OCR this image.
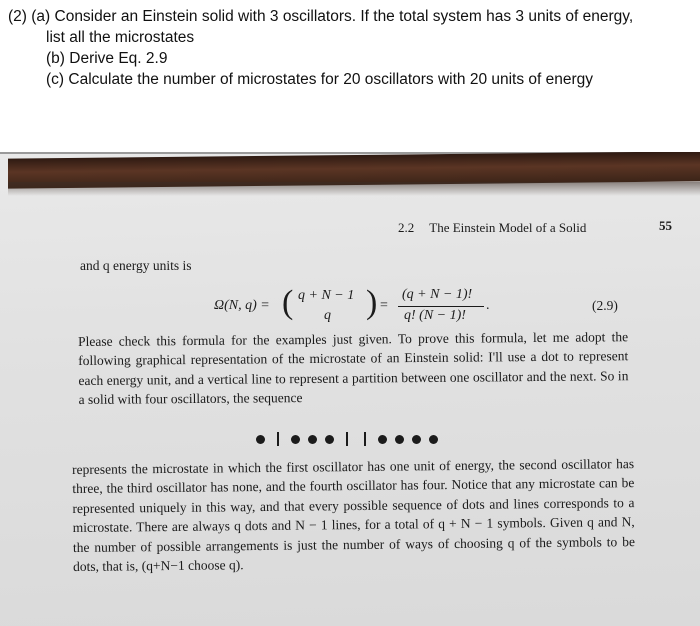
(2) (a) Consider an Einstein solid with 3 oscillators. If the total system has 3 units of energy,
list all the microstates
(b) Derive Eq. 2.9
(c) Calculate the number of microstates for 20 oscillators with 20 units of energy
2.2 The Einstein Model of a Solid	55
and q energy units is
Ω(N, q) = ( q + N − 1
q ) =
(q + N − 1)!
q! (N − 1)!
.	(2.9)
Please check this formula for the examples just given. To prove this formula, let me adopt the following graphical representation of the microstate of an Einstein solid: I'll use a dot to represent each energy unit, and a vertical line to represent a partition between one oscillator and the next. So in a solid with four oscillators, the sequence
represents the microstate in which the first oscillator has one unit of energy, the second oscillator has three, the third oscillator has none, and the fourth oscillator has four. Notice that any microstate can be represented uniquely in this way, and that every possible sequence of dots and lines corresponds to a microstate. There are always q dots and N − 1 lines, for a total of q + N − 1 symbols. Given q and N, the number of possible arrangements is just the number of ways of choosing q of the symbols to be dots, that is, (q+N−1 choose q).
